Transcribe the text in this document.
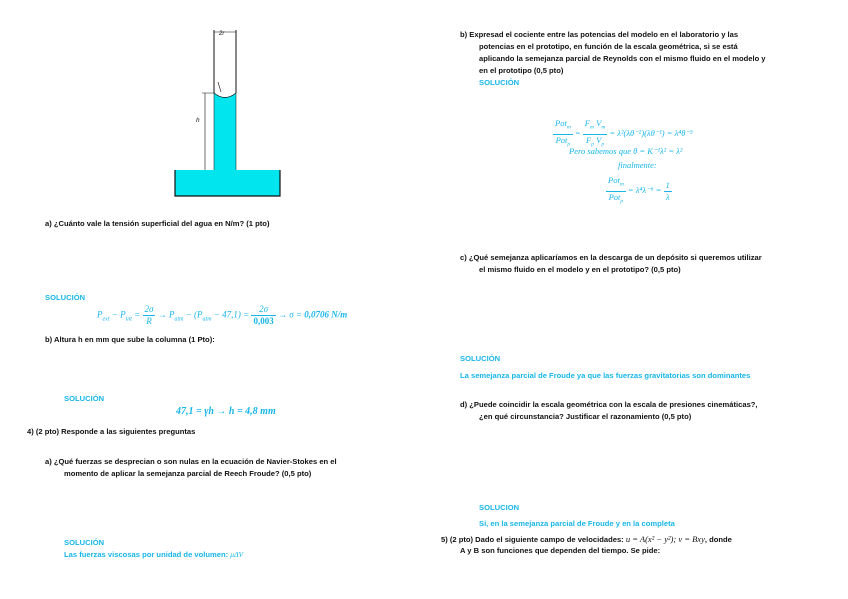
2r
h
a) ¿Cuánto vale la tensión superficial del agua en N/m? (1 pto)
SOLUCIÓN
$P_{ext} - P_{int} = \frac{2\sigma}{R} \to P_{atm} - (P_{atm} - 47,1) = \frac{2\sigma}{0,003} \to \sigma = 0,0706$ N/m
b) Altura h en mm que sube la columna (1 Pto):
SOLUCIÓN
47,1 = γh → h = 4,8 mm
4) (2 pto) Responde a las siguientes preguntas
a) ¿Qué fuerzas se desprecian o son nulas en la ecuación de Navier-Stokes en el
momento de aplicar la semejanza parcial de Reech Froude? (0,5 pto)
SOLUCIÓN
Las fuerzas viscosas por unidad de volumen: μΔV⃗
b) Expresad el cociente entre las potencias del modelo en el laboratorio y las
potencias en el prototipo, en función de la escala geométrica, si se está
aplicando la semejanza parcial de Reynolds con el mismo fluido en el modelo y
en el prototipo (0,5 pto)
SOLUCIÓN
$\frac{Pot_m}{Pot_p} = \frac{F_m V_m}{F_p V_p} = \lambda^2(\lambda\theta^{-2})(\lambda\theta^{-1}) = \lambda^4\theta^{-3}$
Pero sabemos que θ = K⁻¹λ² = λ²
finalmente:
$\frac{Pot_m}{Pot_p} = \lambda^4\lambda^{-6} = \frac{1}{\lambda}$
c) ¿Qué semejanza aplicaríamos en la descarga de un depósito si queremos utilizar
el mismo fluido en el modelo y en el prototipo? (0,5 pto)
SOLUCIÓN
La semejanza parcial de Froude ya que las fuerzas gravitatorias son dominantes
d) ¿Puede coincidir la escala geométrica con la escala de presiones cinemáticas?,
¿en qué circunstancia? Justificar el razonamiento (0,5 pto)
SOLUCION
Sí, en la semejanza parcial de Froude y en la completa
5) (2 pto) Dado el siguiente campo de velocidades: u = A(x² − y²); v = Bxy, donde
A y B son funciones que dependen del tiempo. Se pide:
